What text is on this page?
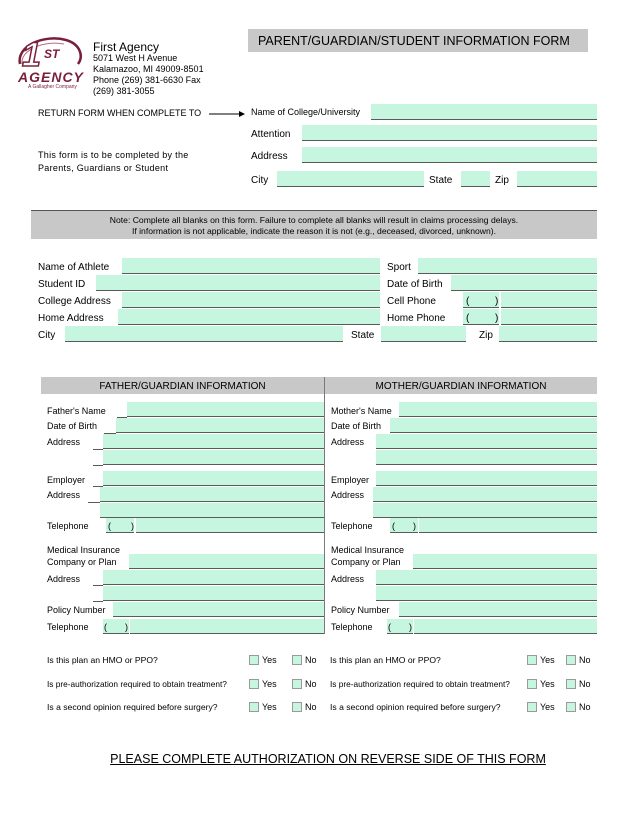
1 ST
AGENCY
A Gallagher Company
First Agency
5071 West H Avenue
Kalamazoo, MI 49009-8501
Phone (269) 381-6630 Fax
(269) 381-3055
PARENT/GUARDIAN/STUDENT INFORMATION FORM
RETURN FORM WHEN COMPLETE TO	Name of College/University
Attention
Address
City	State	Zip
This form is to be completed by the
Parents, Guardians or Student
Note: Complete all blanks on this form. Failure to complete all blanks will result in claims processing delays.
If information is not applicable, indicate the reason it is not (e.g., deceased, divorced, unknown).
Name of Athlete	Sport
Student ID	Date of Birth
College Address	Cell Phone	(	)
Home Address	Home Phone (	)
City	State	Zip
FATHER/GUARDIAN INFORMATION	MOTHER/GUARDIAN INFORMATION
Father's Name
Date of Birth
Address
Employer
Address
Telephone ( )
Medical Insurance
Company or Plan
Address
Policy Number
Telephone ( )
Mother's Name
Date of Birth
Address
Employer
Address
Telephone ( )
Medical Insurance
Company or Plan
Address
Policy Number
Telephone ( )
Is this plan an HMO or PPO?	Yes	No
Is pre-authorization required to obtain treatment?	Yes	No
Is a second opinion required before surgery?	Yes	No
Is this plan an HMO or PPO?	Yes	No
Is pre-authorization required to obtain treatment?	Yes	No
Is a second opinion required before surgery?	Yes	No
PLEASE COMPLETE AUTHORIZATION ON REVERSE SIDE OF THIS FORM
